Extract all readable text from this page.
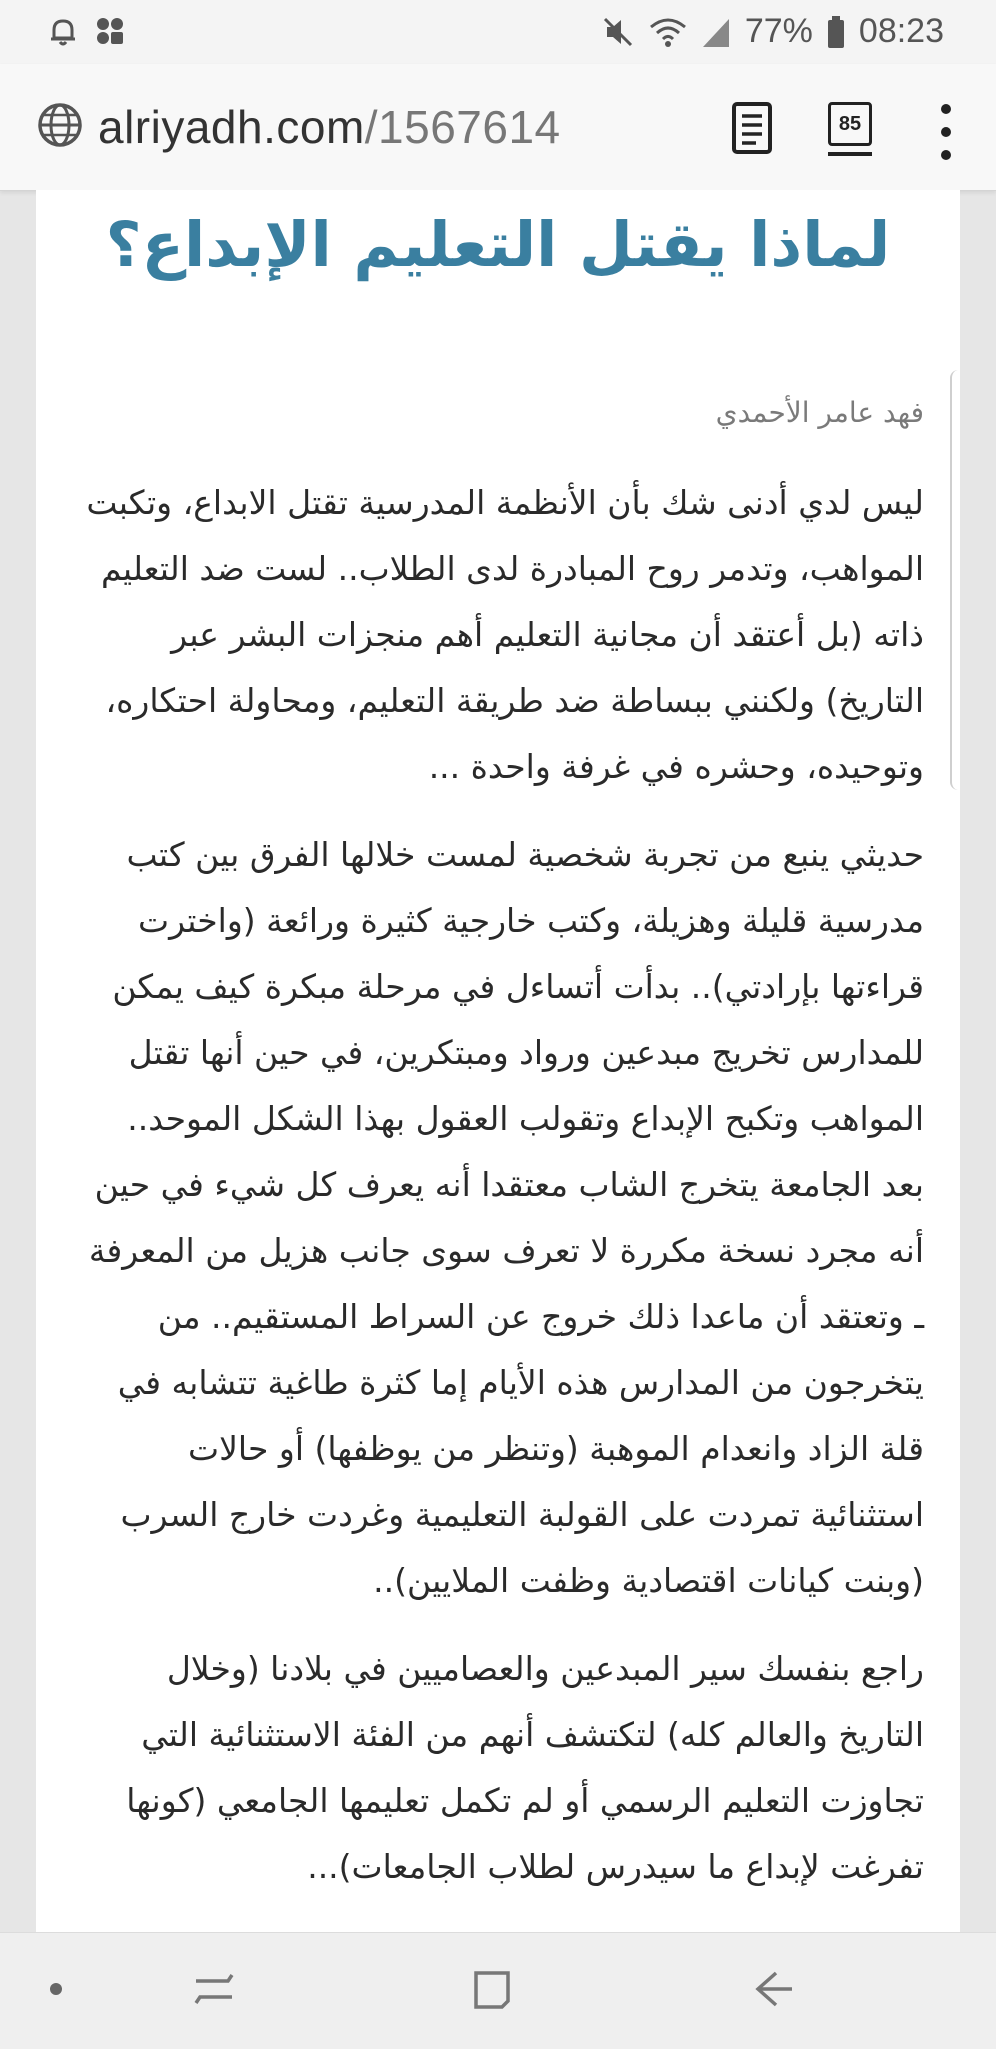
77% 08:23
alriyadh.com/1567614	85
لماذا يقتل التعليم الإبداع؟
فهد عامر الأحمدي

ليس لدي أدنى شك بأن الأنظمة المدرسية تقتل الابداع، وتكبت المواهب، وتدمر روح المبادرة لدى الطلاب.. لست ضد التعليم ذاته (بل أعتقد أن مجانية التعليم أهم منجزات البشر عبر التاريخ) ولكنني ببساطة ضد طريقة التعليم، ومحاولة احتكاره، وتوحيده، وحشره في غرفة واحدة ...

حديثي ينبع من تجربة شخصية لمست خلالها الفرق بين كتب مدرسية قليلة وهزيلة، وكتب خارجية كثيرة ورائعة (واخترت قراءتها بإرادتي).. بدأت أتساءل في مرحلة مبكرة كيف يمكن للمدارس تخريج مبدعين ورواد ومبتكرين، في حين أنها تقتل المواهب وتكبح الإبداع وتقولب العقول بهذا الشكل الموحد.. بعد الجامعة يتخرج الشاب معتقدا أنه يعرف كل شيء في حين أنه مجرد نسخة مكررة لا تعرف سوى جانب هزيل من المعرفة ـ وتعتقد أن ماعدا ذلك خروج عن السراط المستقيم.. من يتخرجون من المدارس هذه الأيام إما كثرة طاغية تتشابه في قلة الزاد وانعدام الموهبة (وتنظر من يوظفها) أو حالات استثنائية تمردت على القولبة التعليمية وغردت خارج السرب (وبنت كيانات اقتصادية وظفت الملايين)..

راجع بنفسك سير المبدعين والعصاميين في بلادنا (وخلال التاريخ والعالم كله) لتكتشف أنهم من الفئة الاستثنائية التي تجاوزت التعليم الرسمي أو لم تكمل تعليمها الجامعي (كونها تفرغت لإبداع ما سيدرس لطلاب الجامعات)...
